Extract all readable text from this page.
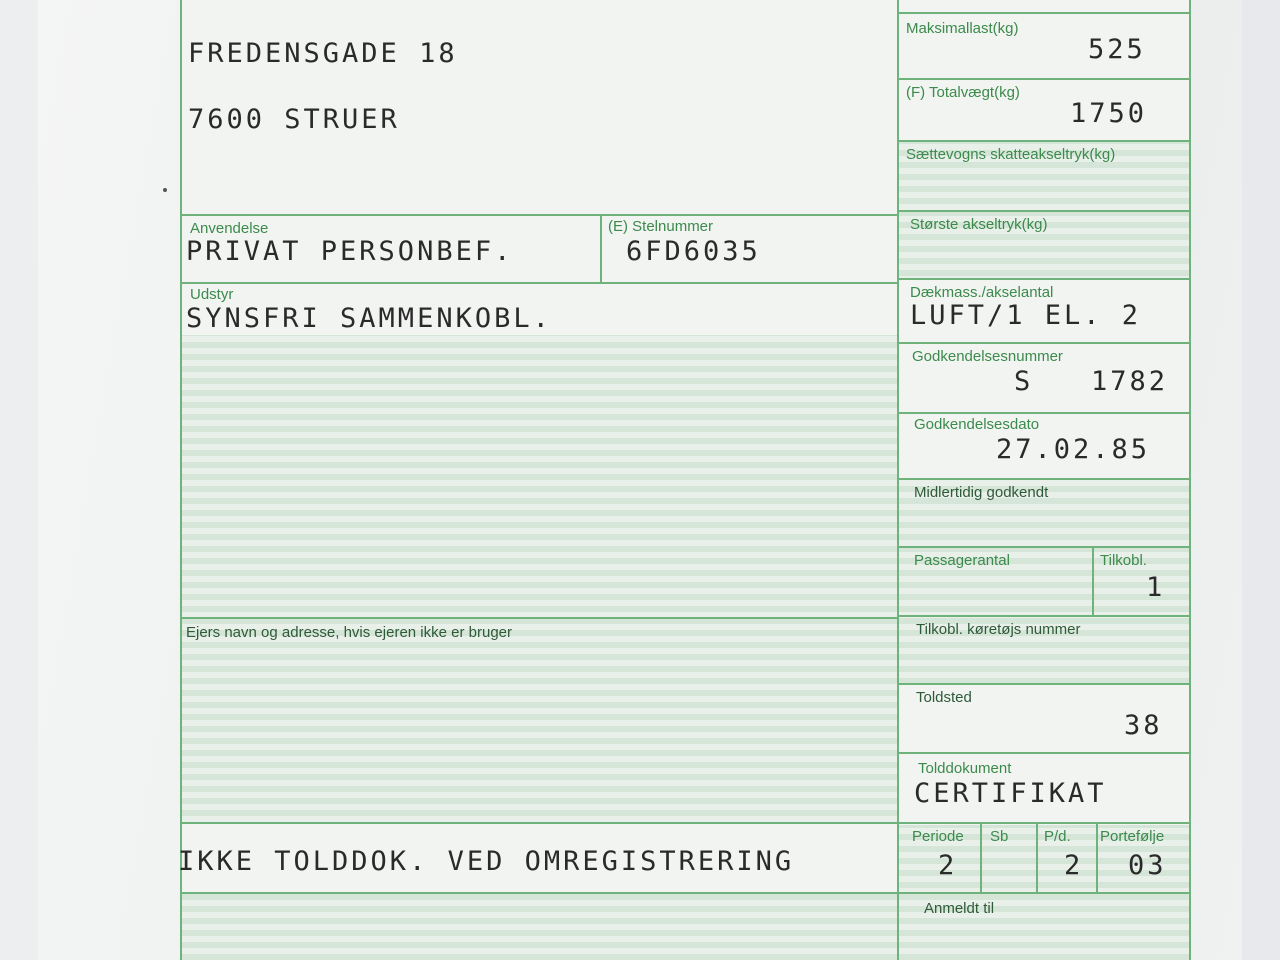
FREDENSGADE 18
7600 STRUER
Anvendelse
PRIVAT PERSONBEF.
(E) Stelnummer
6FD6035
Udstyr
SYNSFRI SAMMENKOBL.
Ejers navn og adresse, hvis ejeren ikke er bruger
IKKE TOLDDOK. VED OMREGISTRERING
Maksimallast(kg)
525
(F) Totalvægt(kg)
1750
Sættevogns skatteakseltryk(kg)
Største akseltryk(kg)
Dækmass./akselantal
LUFT/1 EL. 2
Godkendelsesnummer
S   1782
Godkendelsesdato
27.02.85
Midlertidig godkendt
Passagerantal	Tilkobl.
1
Tilkobl. køretøjs nummer
Toldsted
38
Tolddokument
CERTIFIKAT
Periode
2
Sb P/d.
2
Portefølje
03
Anmeldt til
